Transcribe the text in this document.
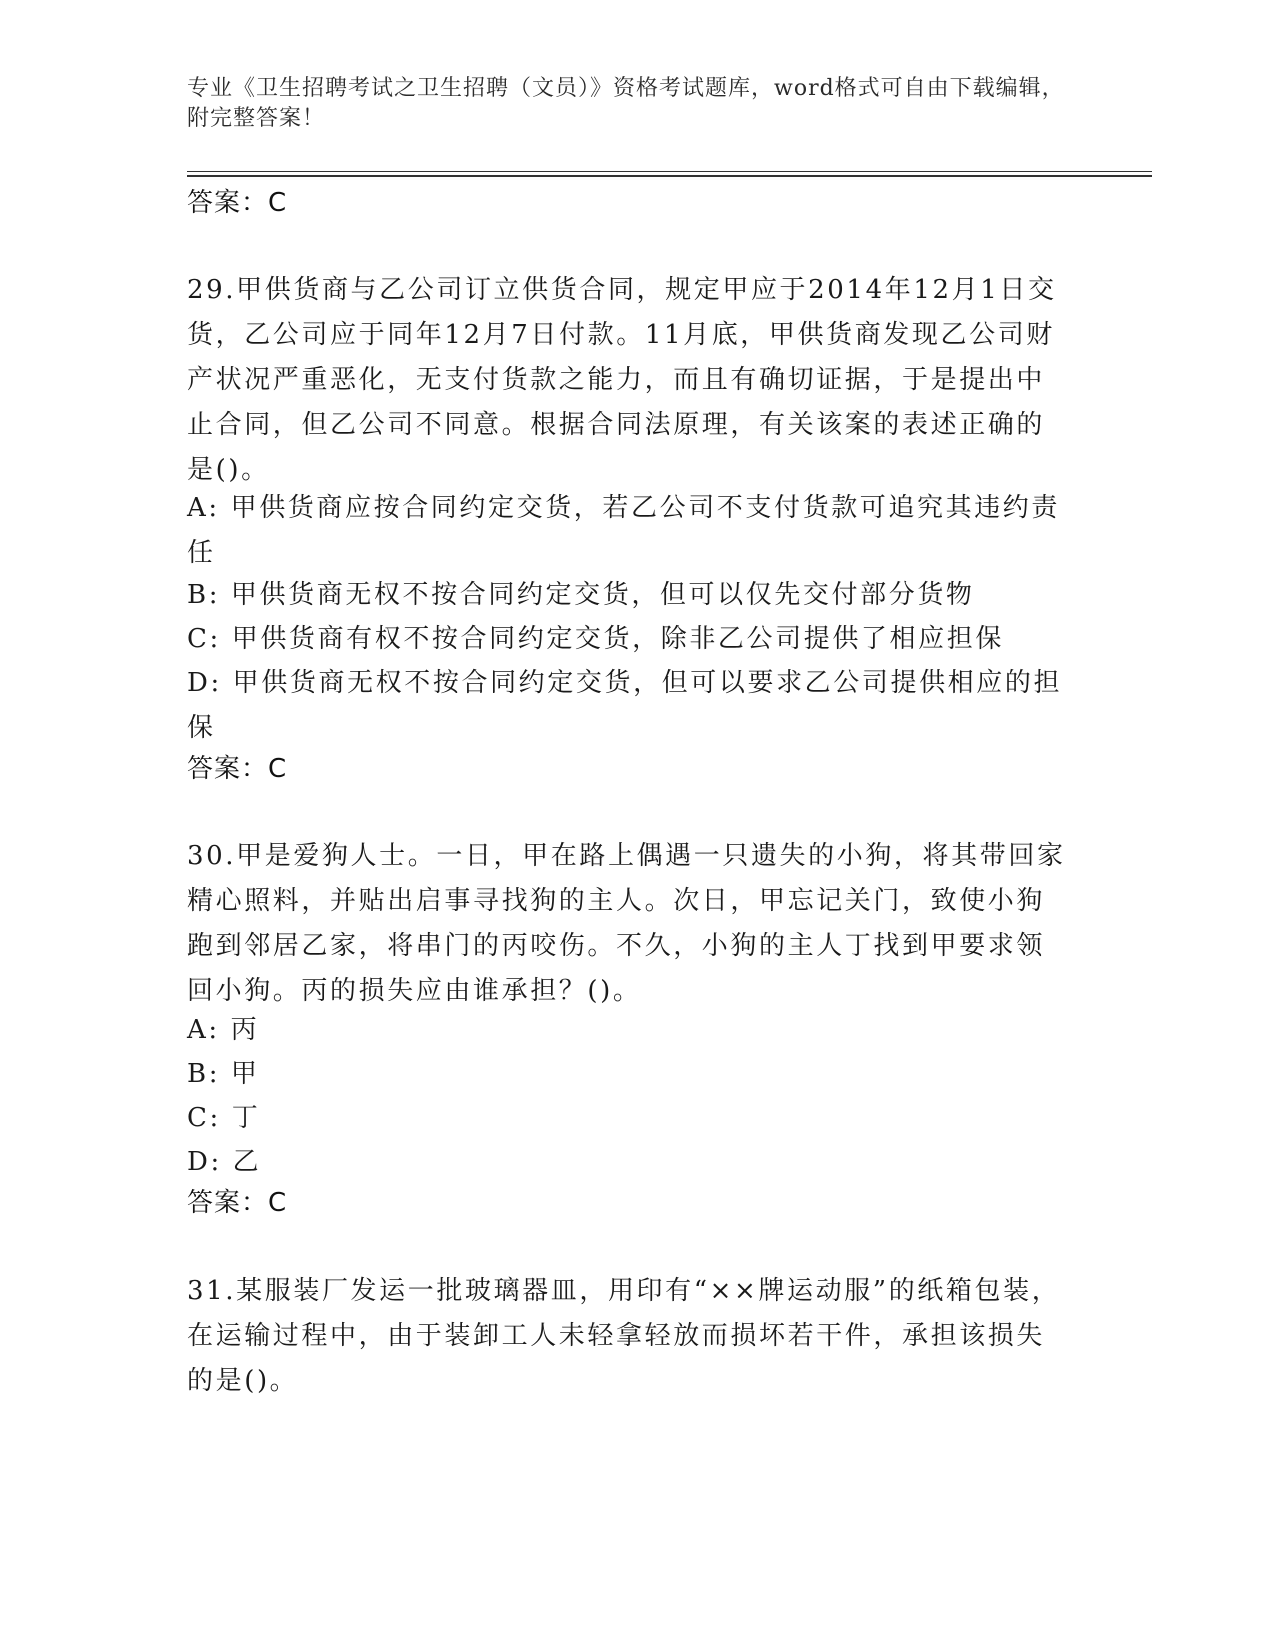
专业《卫生招聘考试之卫生招聘（文员）》资格考试题库，word格式可自由下载编辑，附完整答案！
答案：C
29.甲供货商与乙公司订立供货合同，规定甲应于2014年12月1日交货，乙公司应于同年12月7日付款。11月底，甲供货商发现乙公司财产状况严重恶化，无支付货款之能力，而且有确切证据，于是提出中止合同，但乙公司不同意。根据合同法原理，有关该案的表述正确的是()。
A: 甲供货商应按合同约定交货，若乙公司不支付货款可追究其违约责任
B: 甲供货商无权不按合同约定交货，但可以仅先交付部分货物
C: 甲供货商有权不按合同约定交货，除非乙公司提供了相应担保
D: 甲供货商无权不按合同约定交货，但可以要求乙公司提供相应的担保
答案：C
30.甲是爱狗人士。一日，甲在路上偶遇一只遗失的小狗，将其带回家精心照料，并贴出启事寻找狗的主人。次日，甲忘记关门，致使小狗跑到邻居乙家，将串门的丙咬伤。不久，小狗的主人丁找到甲要求领回小狗。丙的损失应由谁承担？()。
A: 丙
B: 甲
C: 丁
D: 乙
答案：C
31.某服装厂发运一批玻璃器皿，用印有“××牌运动服”的纸箱包装，在运输过程中，由于装卸工人未轻拿轻放而损坏若干件，承担该损失的是()。
